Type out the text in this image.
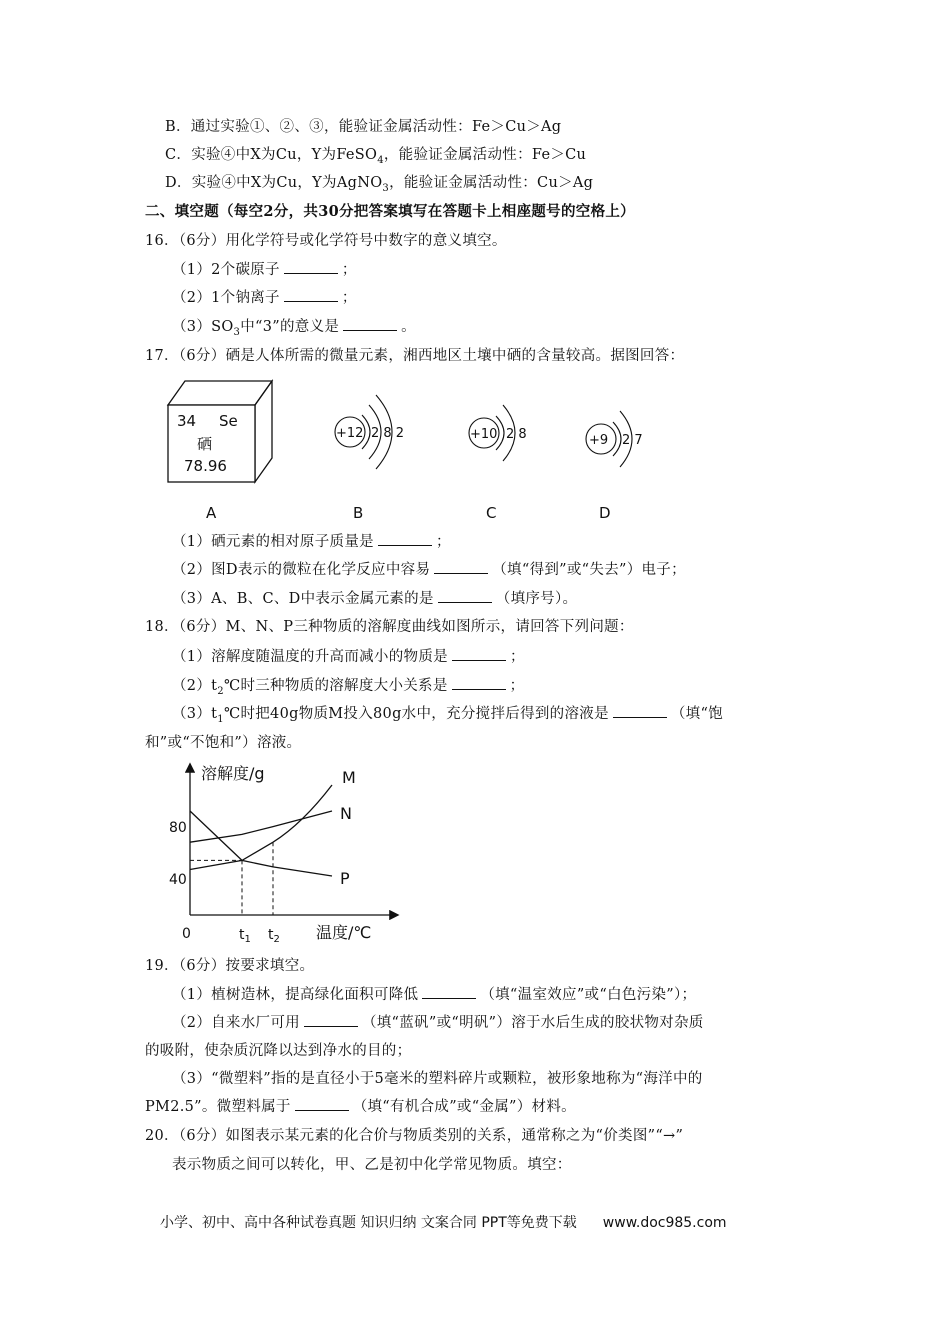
B．通过实验①、②、③，能验证金属活动性：Fe＞Cu＞Ag
C．实验④中X为Cu，Y为FeSO$_4$，能验证金属活动性：Fe＞Cu
D．实验④中X为Cu，Y为AgNO$_3$，能验证金属活动性：Cu＞Ag
二、填空题（每空2分，共30分把答案填写在答题卡上相座题号的空格上）
16．（6分）用化学符号或化学符号中数字的意义填空。
（1）2个碳原子	；
（2）1个钠离子	；
$(3)SO_3$中“3”的意义是	。
17．（6分）硒是人体所需的微量元素，湘西地区土壤中硒的含量较高。据图回答：
34 Se
硒
78.96
+12 2 8 2	+10 2 8	+9 2 7
A	B	C	D
（1）硒元素的相对原子质量是	；
（2）图D表示的微粒在化学反应中容易	（填“得到”或“失去”）电子；
（3）A、B、C、D中表示金属元素的是	（填序号）。
18．（6分）M、N、P三种物质的溶解度曲线如图所示，请回答下列问题：
（1）溶解度随温度的升高而减小的物质是	；
$(2)t_2℃$时三种物质的溶解度大小关系是	；
$(3)t_1℃$时把40g物质M投入80g水中，充分搅拌后得到的溶液是	（填“饱
和”或“不饱和”）溶液。
溶解度/g
温度/℃
0
80
40
$t_1$ $t_2$
M
N
P
19．（6分）按要求填空。
（1）植树造林，提高绿化面积可降低	（填“温室效应”或“白色污染”）；
（2）自来水厂可用	（填“蓝矾”或“明矾”）溶于水后生成的胶状物对杂质
的吸附，使杂质沉降以达到净水的目的；
（3）“微塑料”指的是直径小于5毫米的塑料碎片或颗粒，被形象地称为“海洋中的
PM2.5”。微塑料属于	（填“有机合成”或“金属”）材料。
20．（6分）如图表示某元素的化合价与物质类别的关系，通常称之为“价类图”“→”
表示物质之间可以转化，甲、乙是初中化学常见物质。填空：
小学、初中、高中各种试卷真题 知识归纳 文案合同 PPT等免费下载 www.doc985.com
